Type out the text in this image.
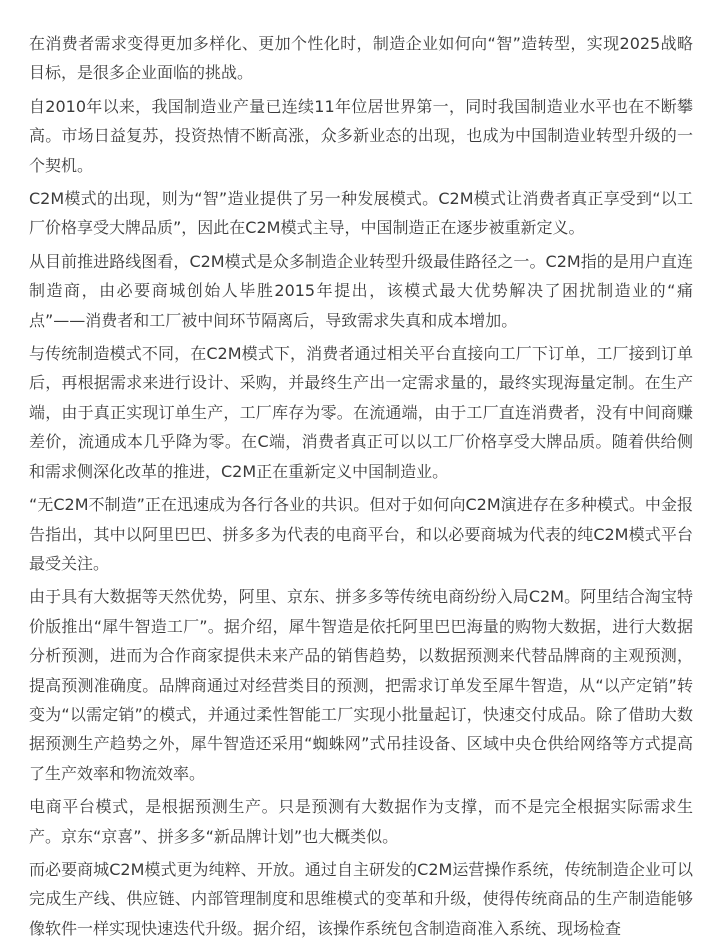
在消费者需求变得更加多样化、更加个性化时，制造企业如何向“智”造转型，实现2025战略目标，是很多企业面临的挑战。

自2010年以来，我国制造业产量已连续11年位居世界第一，同时我国制造业水平也在不断攀高。市场日益复苏，投资热情不断高涨，众多新业态的出现，也成为中国制造业转型升级的一个契机。

C2M模式的出现，则为“智”造业提供了另一种发展模式。C2M模式让消费者真正享受到“以工厂价格享受大牌品质”，因此在C2M模式主导，中国制造正在逐步被重新定义。

从目前推进路线图看，C2M模式是众多制造企业转型升级最佳路径之一。C2M指的是用户直连制造商，由必要商城创始人毕胜2015年提出，该模式最大优势解决了困扰制造业的“痛点”——消费者和工厂被中间环节隔离后，导致需求失真和成本增加。

与传统制造模式不同，在C2M模式下，消费者通过相关平台直接向工厂下订单，工厂接到订单后，再根据需求来进行设计、采购，并最终生产出一定需求量的，最终实现海量定制。在生产端，由于真正实现订单生产，工厂库存为零。在流通端，由于工厂直连消费者，没有中间商赚差价，流通成本几乎降为零。在C端，消费者真正可以以工厂价格享受大牌品质。随着供给侧和需求侧深化改革的推进，C2M正在重新定义中国制造业。

“无C2M不制造”正在迅速成为各行各业的共识。但对于如何向C2M演进存在多种模式。中金报告指出，其中以阿里巴巴、拼多多为代表的电商平台，和以必要商城为代表的纯C2M模式平台最受关注。

由于具有大数据等天然优势，阿里、京东、拼多多等传统电商纷纷入局C2M。阿里结合淘宝特价版推出“犀牛智造工厂”。据介绍，犀牛智造是依托阿里巴巴海量的购物大数据，进行大数据分析预测，进而为合作商家提供未来产品的销售趋势，以数据预测来代替品牌商的主观预测，提高预测准确度。品牌商通过对经营类目的预测，把需求订单发至犀牛智造，从“以产定销”转变为“以需定销”的模式，并通过柔性智能工厂实现小批量起订，快速交付成品。除了借助大数据预测生产趋势之外，犀牛智造还采用“蜘蛛网”式吊挂设备、区域中央仓供给网络等方式提高了生产效率和物流效率。

电商平台模式，是根据预测生产。只是预测有大数据作为支撑，而不是完全根据实际需求生产。京东“京喜”、拼多多“新品牌计划”也大概类似。

而必要商城C2M模式更为纯粹、开放。通过自主研发的C2M运营操作系统，传统制造企业可以完成生产线、供应链、内部管理制度和思维模式的变革和升级，使得传统商品的生产制造能够像软件一样实现快速迭代升级。据介绍，该操作系统包含制造商准入系统、现场检查
